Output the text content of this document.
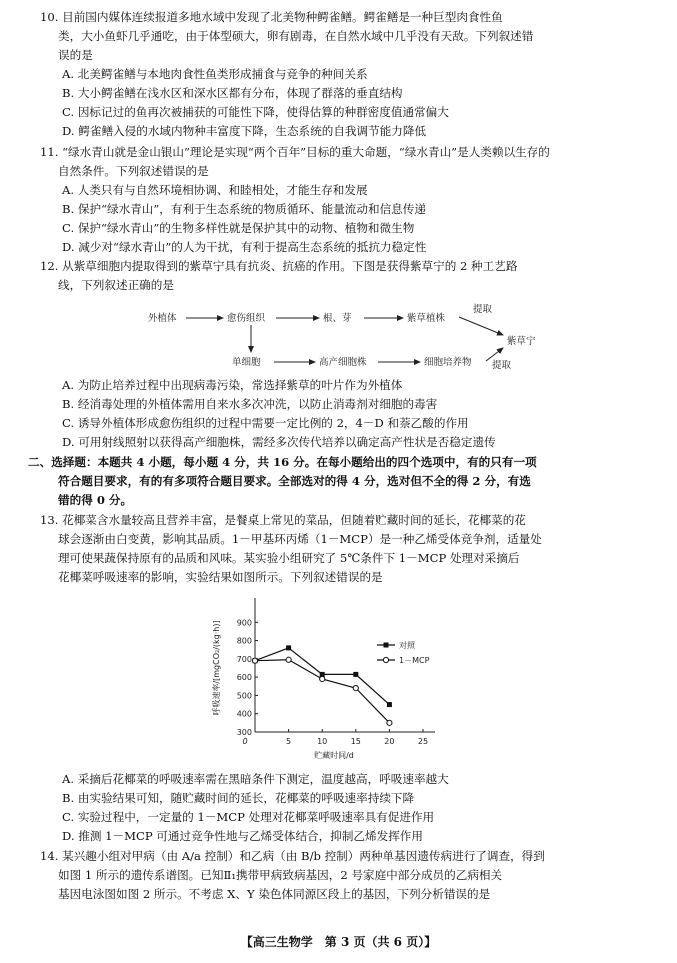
10. 目前国内媒体连续报道多地水域中发现了北美物种鳄雀鳝。鳄雀鳝是一种巨型肉食性鱼
类，大小鱼虾几乎通吃，由于体型硕大，卵有剧毒，在自然水域中几乎没有天敌。下列叙述错
误的是
A. 北美鳄雀鳝与本地肉食性鱼类形成捕食与竞争的种间关系
B. 大小鳄雀鳝在浅水区和深水区都有分布，体现了群落的垂直结构
C. 因标记过的鱼再次被捕获的可能性下降，使得估算的种群密度值通常偏大
D. 鳄雀鳝入侵的水域内物种丰富度下降，生态系统的自我调节能力降低
11. “绿水青山就是金山银山”理论是实现“两个百年”目标的重大命题，“绿水青山”是人类赖以生存的
自然条件。下列叙述错误的是
A. 人类只有与自然环境相协调、和睦相处，才能生存和发展
B. 保护“绿水青山”，有利于生态系统的物质循环、能量流动和信息传递
C. 保护“绿水青山”的生物多样性就是保护其中的动物、植物和微生物
D. 减少对“绿水青山”的人为干扰，有利于提高生态系统的抵抗力稳定性
12. 从紫草细胞内提取得到的紫草宁具有抗炎、抗癌的作用。下图是获得紫草宁的 2 种工艺路
线，下列叙述正确的是
外植体	愈伤组织	根、芽	紫草植株
提取
紫草宁
单细胞	高产细胞株	细胞培养物 提取
A. 为防止培养过程中出现病毒污染，常选择紫草的叶片作为外植体
B. 经消毒处理的外植体需用自来水多次冲洗，以防止消毒剂对细胞的毒害
C. 诱导外植体形成愈伤组织的过程中需要一定比例的 2，4－D 和萘乙酸的作用
D. 可用射线照射以获得高产细胞株，需经多次传代培养以确定高产性状是否稳定遗传
二、选择题：本题共 4 小题，每小题 4 分，共 16 分。在每小题给出的四个选项中，有的只有一项
符合题目要求，有的有多项符合题目要求。全部选对的得 4 分，选对但不全的得 2 分，有选
错的得 0 分。
13. 花椰菜含水量较高且营养丰富，是餐桌上常见的菜品，但随着贮藏时间的延长，花椰菜的花
球会逐渐由白变黄，影响其品质。1－甲基环丙烯（1－MCP）是一种乙烯受体竞争剂，适量处
理可使果蔬保持原有的品质和风味。某实验小组研究了 5℃条件下 1－MCP 处理对采摘后
花椰菜呼吸速率的影响，实验结果如图所示。下列叙述错误的是
0	5	10	15	20	25
300
400
500
600
700
800
900
贮藏时间/d
呼吸速率/[mgCO₂/(kg·h)]	对照
1－MCP
A. 采摘后花椰菜的呼吸速率需在黑暗条件下测定，温度越高，呼吸速率越大
B. 由实验结果可知，随贮藏时间的延长，花椰菜的呼吸速率持续下降
C. 实验过程中，一定量的 1－MCP 处理对花椰菜呼吸速率具有促进作用
D. 推测 1－MCP 可通过竞争性地与乙烯受体结合，抑制乙烯发挥作用
14. 某兴趣小组对甲病（由 A/a 控制）和乙病（由 B/b 控制）两种单基因遗传病进行了调查，得到
如图 1 所示的遗传系谱图。已知Ⅱ₁携带甲病致病基因，2 号家庭中部分成员的乙病相关
基因电泳图如图 2 所示。不考虑 X、Y 染色体同源区段上的基因，下列分析错误的是
【高三生物学　第 3 页（共 6 页）】
